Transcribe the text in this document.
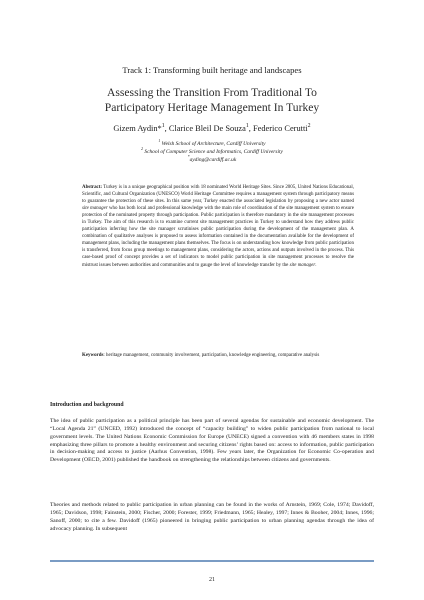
Track 1: Transforming built heritage and landscapes
Assessing the Transition From Traditional To
Participatory Heritage Management In Turkey
Gizem Aydin*$^1$, Clarice Bleil De Souza$^1$, Federico Cerutti$^2$
$^1$ Welsh School of Architecture, Cardiff University
$^2$ School of Computer Science and Informatics, Cardiff University
*ayding@cardiff.ac.uk
Abstract: Turkey is in a unique geographical position with 18 nominated World Heritage Sites. Since 2005, United Nations Educational, Scientific, and Cultural Organization (UNESCO) World Heritage Committee requires a management system through participatory means to guarantee the protection of these sites. In this same year, Turkey enacted the associated legislation by proposing a new actor named site manager who has both local and professional knowledge with the main role of coordination of the site management system to ensure protection of the nominated property through participation. Public participation is therefore mandatory in the site management processes in Turkey. The aim of this research is to examine current site management practices in Turkey to understand how they address public participation inferring how the site manager scrutinises public participation during the development of the management plan. A combination of qualitative analyses is proposed to assess information contained in the documentation available for the development of management plans, including the management plans themselves. The focus is on understanding how knowledge from public participation is transferred, from focus group meetings to management plans, considering the actors, actions and outputs involved in the process. This case-based proof of concept provides a set of indicators to model public participation in site management processes to resolve the mistrust issues between authorities and communities and to gauge the level of knowledge transfer by the site manager.
Keywords: heritage management, community involvement, participation, knowledge engineering, comparative analysis
Introduction and background
The idea of public participation as a political principle has been part of several agendas for sustainable and economic development. The “Local Agenda 21” (UNCED, 1992) introduced the concept of “capacity building” to widen public participation from national to local government levels. The United Nations Economic Commission for Europe (UNECE) signed a convention with 46 members states in 1998 emphasizing three pillars to promote a healthy environment and securing citizens’ rights based on: access to information, public participation in decision-making and access to justice (Aarhus Convention, 1998). Few years later, the Organization for Economic Co-operation and Development (OECD, 2001) published the handbook on strengthening the relationships between citizens and governments.
Theories and methods related to public participation in urban planning can be found in the works of Arnstein, 1969; Cole, 1974; Davidoff, 1965; Davidson, 1998; Fainstein, 2000; Fischer, 2000; Forester, 1999; Friedmann, 1965; Healey, 1997; Innes & Booher, 2004; Innes, 1996; Sanoff, 2000; to cite a few. Davidoff (1965) pioneered in bringing public participation to urban planning agendas through the idea of advocacy planning. In subsequent
21
